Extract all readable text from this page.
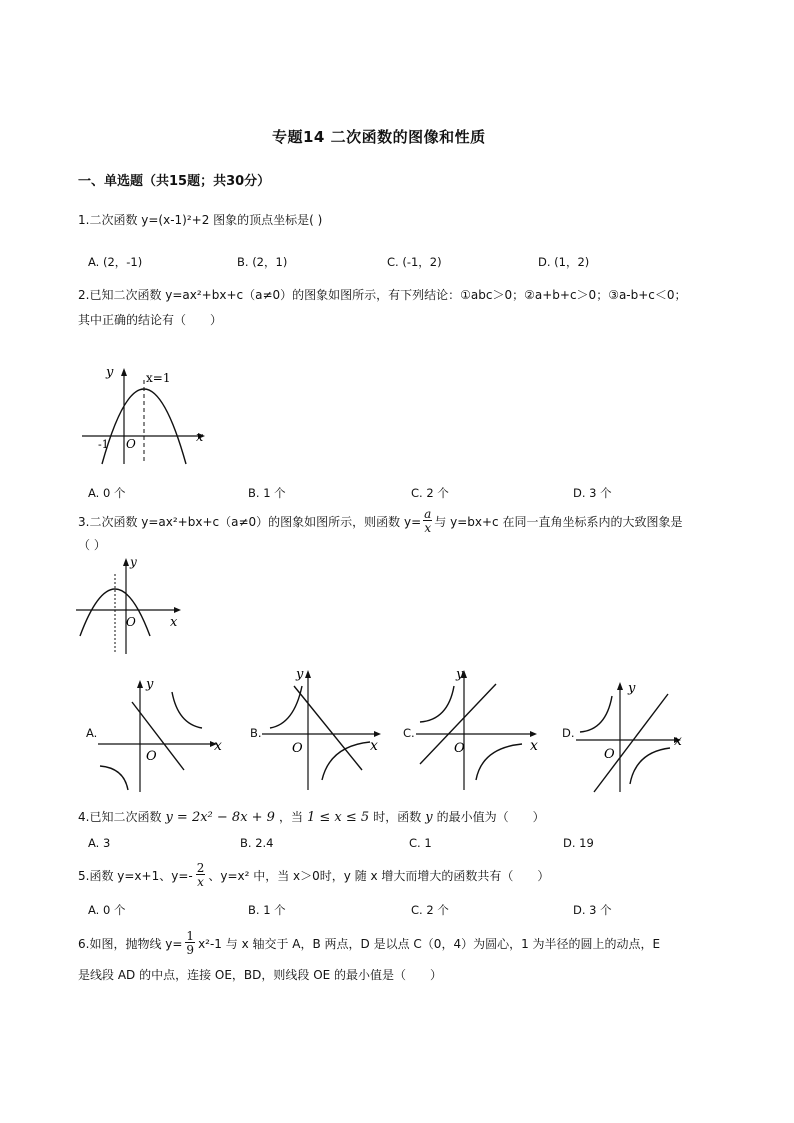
专题14 二次函数的图像和性质
一、单选题（共15题；共30分）
1.二次函数 y=(x-1)²+2 图象的顶点坐标是( )
A. (2，-1)	B. (2，1)	C. (-1，2)	D. (1，2)
2.已知二次函数 y=ax²+bx+c（a≠0）的图象如图所示，有下列结论：①abc＞0；②a+b+c＞0；③a-b+c＜0；
其中正确的结论有（　　）
y
x
x=1
-1 O
A. 0 个	B. 1 个	C. 2 个	D. 3 个
3.二次函数 y=ax²+bx+c（a≠0）的图象如图所示，则函数 $y= \frac{a}{x}$ 与 y=bx+c 在同一直角坐标系内的大致图象是
（ ）
y
x
O
A.
y
x
O
B.
y
x
O
C.
y
x
O
D.
y
x
O
4.已知二次函数 y = 2x² − 8x + 9 ，当 1 ≤ x ≤ 5 时，函数 y 的最小值为（　　）
A. 3	B. 2.4	C. 1	D. 19
5.函数 y=x+1、$y=- \frac{2}{x}$ 、y=x² 中，当 x＞0时，y 随 x 增大而增大的函数共有（　　）
A. 0 个	B. 1 个	C. 2 个	D. 3 个
6.如图，抛物线 $y= \frac{1}{9} x^2-1$ 与 x 轴交于 A，B 两点，D 是以点 C（0，4）为圆心，1 为半径的圆上的动点，E
是线段 AD 的中点，连接 OE，BD，则线段 OE 的最小值是（　　）
